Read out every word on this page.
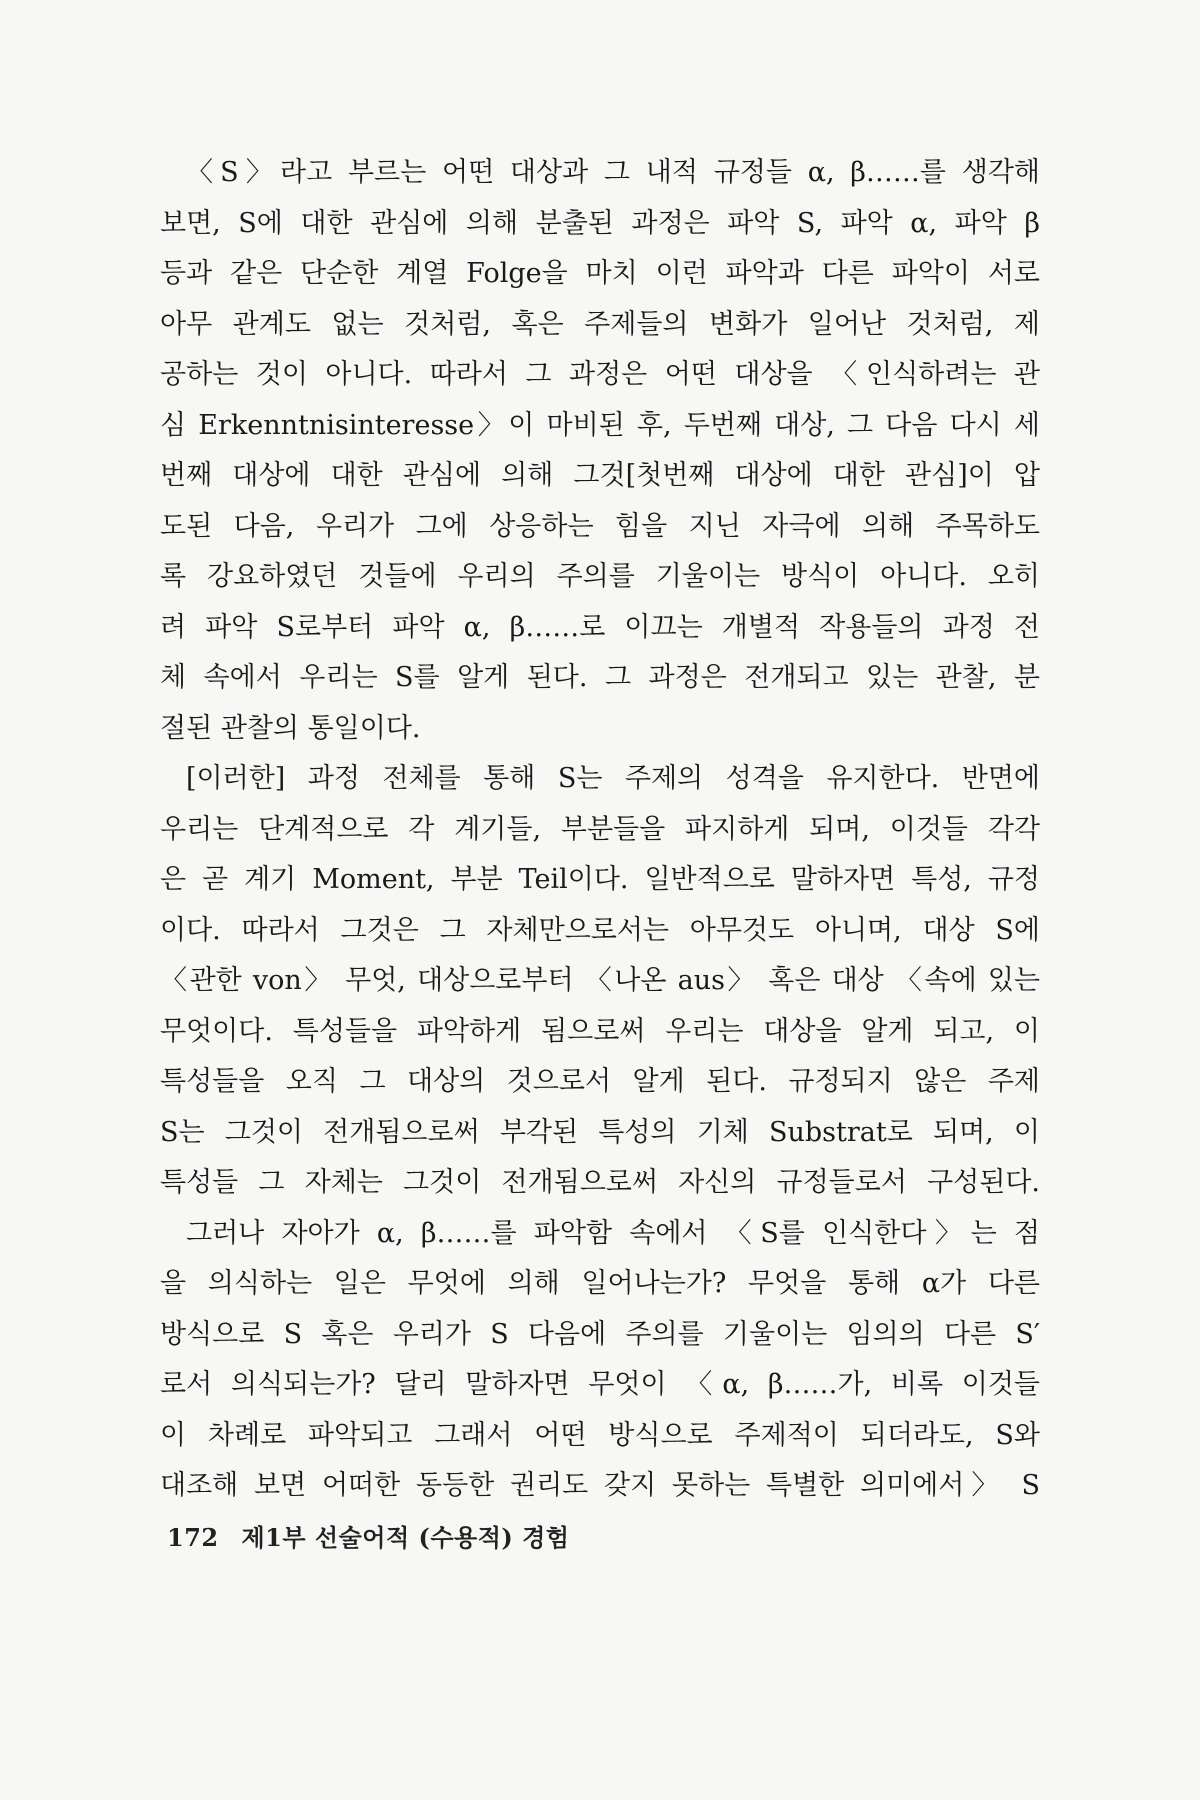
〈S〉라고 부르는 어떤 대상과 그 내적 규정들 α, β……를 생각해
보면, S에 대한 관심에 의해 분출된 과정은 파악 S, 파악 α, 파악 β
등과 같은 단순한 계열 Folge을 마치 이런 파악과 다른 파악이 서로
아무 관계도 없는 것처럼, 혹은 주제들의 변화가 일어난 것처럼, 제
공하는 것이 아니다. 따라서 그 과정은 어떤 대상을 〈인식하려는 관
심 Erkenntnisinteresse〉이 마비된 후, 두번째 대상, 그 다음 다시 세
번째 대상에 대한 관심에 의해 그것[첫번째 대상에 대한 관심]이 압
도된 다음, 우리가 그에 상응하는 힘을 지닌 자극에 의해 주목하도
록 강요하였던 것들에 우리의 주의를 기울이는 방식이 아니다. 오히
려 파악 S로부터 파악 α, β……로 이끄는 개별적 작용들의 과정 전
체 속에서 우리는 S를 알게 된다. 그 과정은 전개되고 있는 관찰, 분
절된 관찰의 통일이다.
[이러한] 과정 전체를 통해 S는 주제의 성격을 유지한다. 반면에
우리는 단계적으로 각 계기들, 부분들을 파지하게 되며, 이것들 각각
은 곧 계기 Moment, 부분 Teil이다. 일반적으로 말하자면 특성, 규정
이다. 따라서 그것은 그 자체만으로서는 아무것도 아니며, 대상 S에
〈관한 von〉 무엇, 대상으로부터 〈나온 aus〉 혹은 대상 〈속에 있는
무엇이다. 특성들을 파악하게 됨으로써 우리는 대상을 알게 되고, 이
특성들을 오직 그 대상의 것으로서 알게 된다. 규정되지 않은 주제
S는 그것이 전개됨으로써 부각된 특성의 기체 Substrat로 되며, 이
특성들 그 자체는 그것이 전개됨으로써 자신의 규정들로서 구성된다.
그러나 자아가 α, β……를 파악함 속에서 〈S를 인식한다〉는 점
을 의식하는 일은 무엇에 의해 일어나는가? 무엇을 통해 α가 다른
방식으로 S 혹은 우리가 S 다음에 주의를 기울이는 임의의 다른 S′
로서 의식되는가? 달리 말하자면 무엇이 〈α, β……가, 비록 이것들
이 차례로 파악되고 그래서 어떤 방식으로 주제적이 되더라도, S와
대조해 보면 어떠한 동등한 권리도 갖지 못하는 특별한 의미에서〉 S
172 제1부 선술어적 (수용적) 경험
